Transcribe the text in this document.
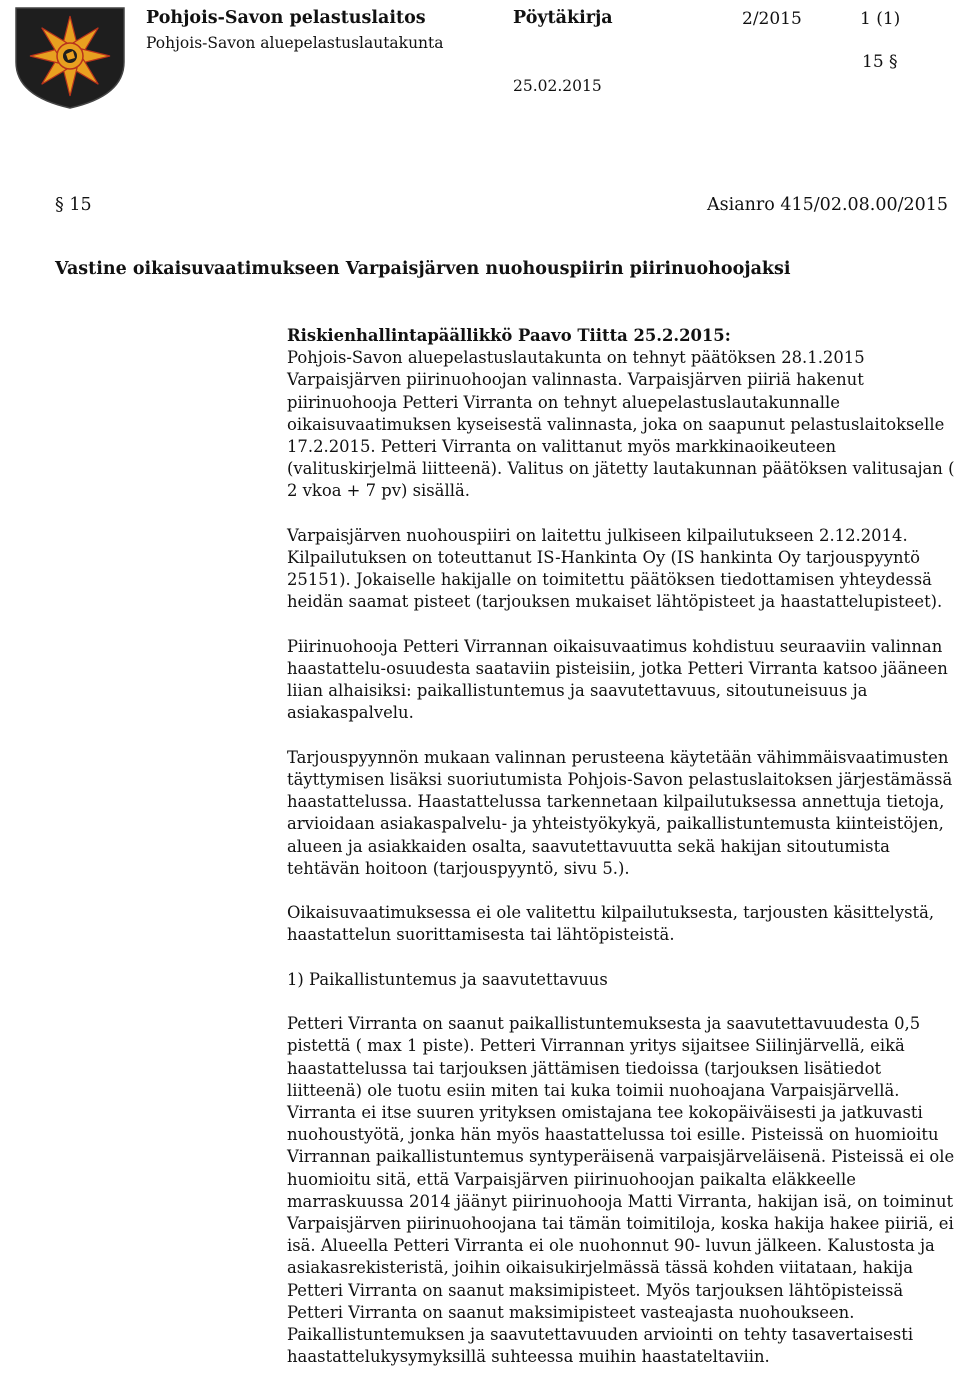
Pohjois-Savon pelastuslaitos
Pohjois-Savon aluepelastuslautakunta
Pöytäkirja	2/2015	1 (1)
15 §
25.02.2015
§ 15	Asianro 415/02.08.00/2015
Vastine oikaisuvaatimukseen Varpaisjärven nuohouspiirin piirinuohoojaksi
Riskienhallintapäällikkö Paavo Tiitta 25.2.2015:

Pohjois-Savon aluepelastuslautakunta on tehnyt päätöksen 28.1.2015 Varpaisjärven piirinuohoojan valinnasta. Varpaisjärven piiriä hakenut piirinuohooja Petteri Virranta on tehnyt aluepelastuslautakunnalle oikaisuvaatimuksen kyseisestä valinnasta, joka on saapunut pelastuslaitokselle 17.2.2015. Petteri Virranta on valittanut myös markkinaoikeuteen (valituskirjelmä liitteenä). Valitus on jätetty lautakunnan päätöksen valitusajan ( 2 vkoa + 7 pv) sisällä.

Varpaisjärven nuohouspiiri on laitettu julkiseen kilpailutukseen 2.12.2014. Kilpailutuksen on toteuttanut IS-Hankinta Oy (IS hankinta Oy tarjouspyyntö 25151). Jokaiselle hakijalle on toimitettu päätöksen tiedottamisen yhteydessä heidän saamat pisteet (tarjouksen mukaiset lähtöpisteet ja haastattelupisteet).

Piirinuohooja Petteri Virrannan oikaisuvaatimus kohdistuu seuraaviin valinnan haastattelu-osuudesta saataviin pisteisiin, jotka Petteri Virranta katsoo jääneen liian alhaisiksi: paikallistuntemus ja saavutettavuus, sitoutuneisuus ja asiakaspalvelu.

Tarjouspyynnön mukaan valinnan perusteena käytetään vähimmäisvaatimusten täyttymisen lisäksi suoriutumista Pohjois-Savon pelastuslaitoksen järjestämässä haastattelussa. Haastattelussa tarkennetaan kilpailutuksessa annettuja tietoja, arvioidaan asiakaspalvelu- ja yhteistyökykyä, paikallistuntemusta kiinteistöjen, alueen ja asiakkaiden osalta, saavutettavuutta sekä hakijan sitoutumista tehtävän hoitoon (tarjouspyyntö, sivu 5.).

Oikaisuvaatimuksessa ei ole valitettu kilpailutuksesta, tarjousten käsittelystä, haastattelun suorittamisesta tai lähtöpisteistä.

1) Paikallistuntemus ja saavutettavuus

Petteri Virranta on saanut paikallistuntemuksesta ja saavutettavuudesta 0,5 pistettä ( max 1 piste). Petteri Virrannan yritys sijaitsee Siilinjärvellä, eikä haastattelussa tai tarjouksen jättämisen tiedoissa (tarjouksen lisätiedot liitteenä) ole tuotu esiin miten tai kuka toimii nuohoajana Varpaisjärvellä. Virranta ei itse suuren yrityksen omistajana tee kokopäiväisesti ja jatkuvasti nuohoustyötä, jonka hän myös haastattelussa toi esille. Pisteissä on huomioitu Virrannan paikallistuntemus syntyperäisenä varpaisjärveläisenä. Pisteissä ei ole huomioitu sitä, että Varpaisjärven piirinuohoojan paikalta eläkkeelle marraskuussa 2014 jäänyt piirinuohooja Matti Virranta, hakijan isä, on toiminut Varpaisjärven piirinuohoojana tai tämän toimitiloja, koska hakija hakee piiriä, ei isä. Alueella Petteri Virranta ei ole nuohonnut 90- luvun jälkeen. Kalustosta ja asiakasrekisteristä, joihin oikaisukirjelmässä tässä kohden viitataan, hakija Petteri Virranta on saanut maksimipisteet. Myös tarjouksen lähtöpisteissä Petteri Virranta on saanut maksimipisteet vasteajasta nuohoukseen. Paikallistuntemuksen ja saavutettavuuden arviointi on tehty tasavertaisesti haastattelukysymyksillä suhteessa muihin haastateltaviin.
